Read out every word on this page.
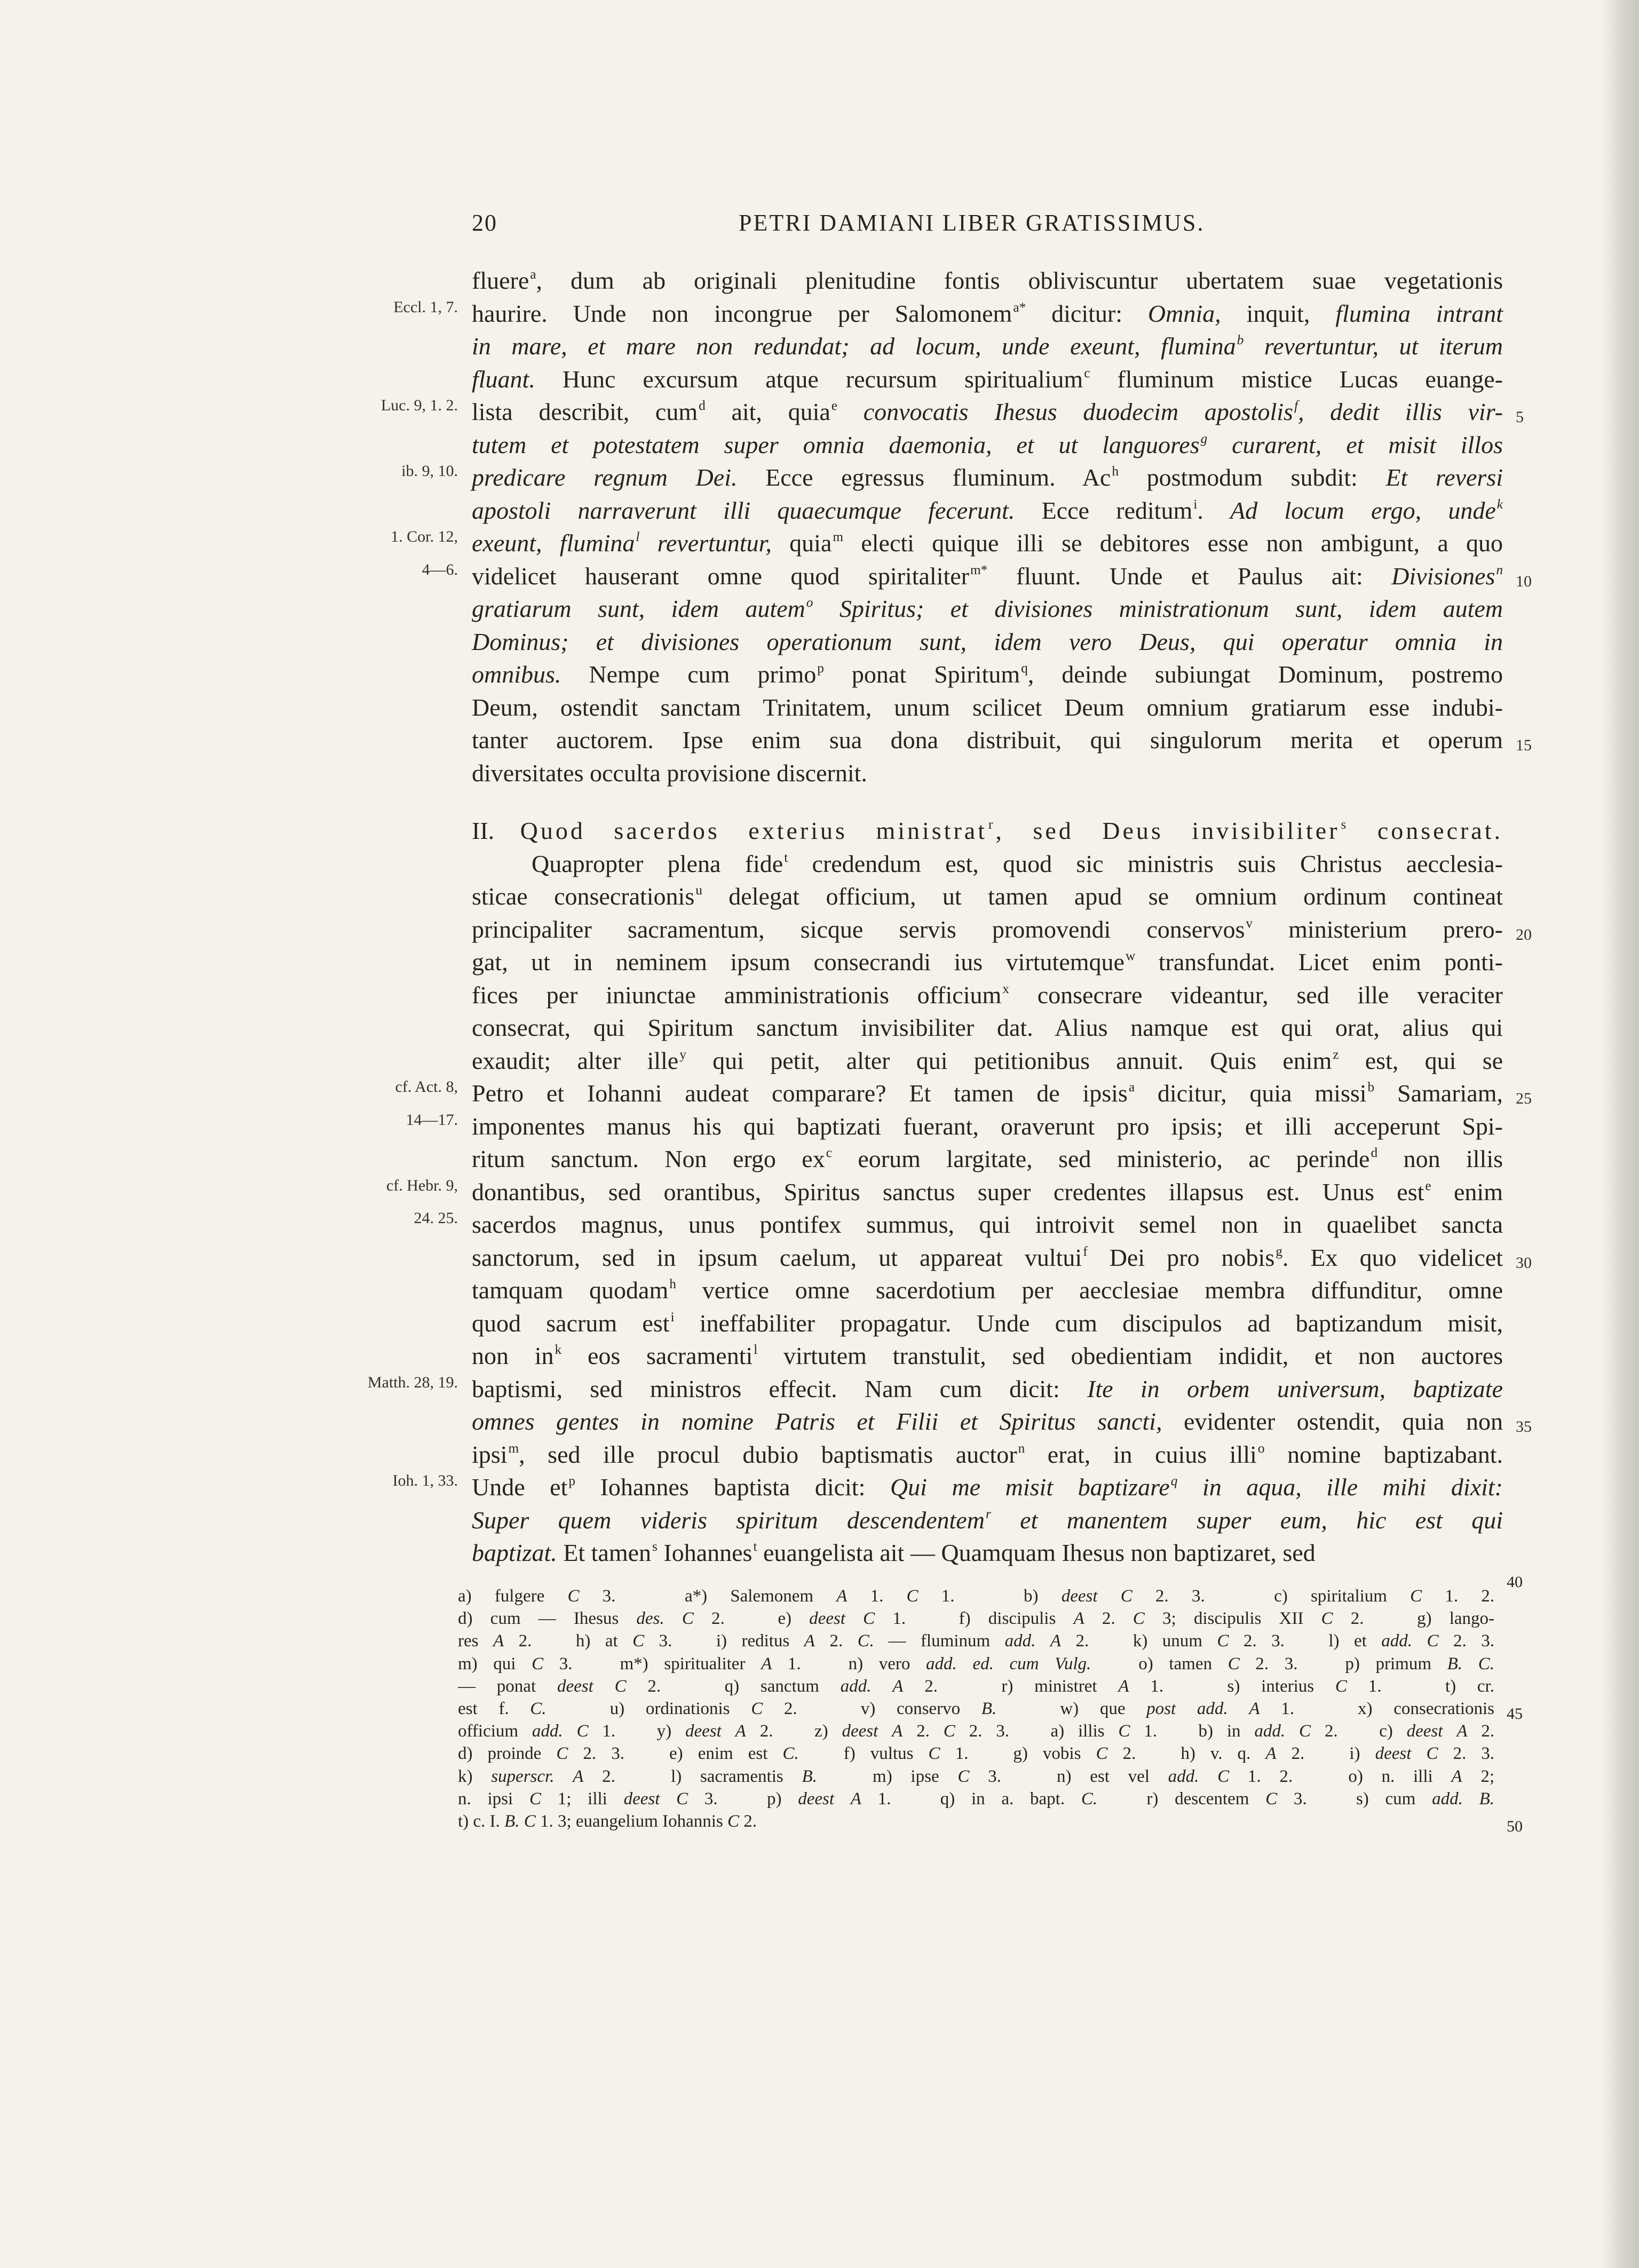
20	PETRI DAMIANI LIBER GRATISSIMUS.
fluere$^a$, dum ab originali plenitudine fontis obliviscuntur ubertatem suae vegetationis
haurire. Unde non incongrue per Salomonem$^{a*}$ dicitur: Omnia, inquit, flumina intrant
Eccl. 1, 7.
in mare, et mare non redundat; ad locum, unde exeunt, flumina$^b$ revertuntur, ut iterum
fluant. Hunc excursum atque recursum spiritualium$^c$ fluminum mistice Lucas euange-
lista describit, cum$^d$ ait, quia$^e$ convocatis Ihesus duodecim apostolis$^f$, dedit illis vir-
Luc. 9, 1. 2.
5
tutem et potestatem super omnia daemonia, et ut languores$^g$ curarent, et misit illos
predicare regnum Dei. Ecce egressus fluminum. Ac$^h$ postmodum subdit: Et reversi
ib. 9, 10.
apostoli narraverunt illi quaecumque fecerunt. Ecce reditum$^i$. Ad locum ergo, unde$^k$
exeunt, flumina$^l$ revertuntur, quia$^m$ electi quique illi se debitores esse non ambigunt, a quo
1. Cor. 12,
videlicet hauserant omne quod spiritaliter$^{m*}$ fluunt. Unde et Paulus ait: Divisiones$^n$
4—6.
10
gratiarum sunt, idem autem$^o$ Spiritus; et divisiones ministrationum sunt, idem autem
Dominus; et divisiones operationum sunt, idem vero Deus, qui operatur omnia in
omnibus. Nempe cum primo$^p$ ponat Spiritum$^q$, deinde subiungat Dominum, postremo
Deum, ostendit sanctam Trinitatem, unum scilicet Deum omnium gratiarum esse indubi-
tanter auctorem. Ipse enim sua dona distribuit, qui singulorum merita et operum 15
diversitates occulta provisione discernit.
II. Quod sacerdos exterius ministrat$^r$, sed Deus invisibiliter$^s$ consecrat.
Quapropter plena fide$^t$ credendum est, quod sic ministris suis Christus aecclesia-
sticae consecrationis$^u$ delegat officium, ut tamen apud se omnium ordinum contineat
principaliter sacramentum, sicque servis promovendi conservos$^v$ ministerium prero- 20
gat, ut in neminem ipsum consecrandi ius virtutemque$^w$ transfundat. Licet enim ponti-
fices per iniunctae amministrationis officium$^x$ consecrare videantur, sed ille veraciter
consecrat, qui Spiritum sanctum invisibiliter dat. Alius namque est qui orat, alius qui
exaudit; alter ille$^y$ qui petit, alter qui petitionibus annuit. Quis enim$^z$ est, qui se
Petro et Iohanni audeat comparare? Et tamen de ipsis$^a$ dicitur, quia missi$^b$ Samariam,
cf. Act. 8,
25
imponentes manus his qui baptizati fuerant, oraverunt pro ipsis; et illi acceperunt Spi-
14—17.
ritum sanctum. Non ergo $ex^c$ eorum largitate, sed ministerio, ac perinde$^d$ non illis
donantibus, sed orantibus, Spiritus sanctus super credentes illapsus est. Unus est$^e$ enim
cf. Hebr. 9,
sacerdos magnus, unus pontifex summus, qui introivit semel non in quaelibet sancta
24. 25.
sanctorum, sed in ipsum caelum, ut appareat vultui$^f$ Dei pro nobis$^g$. Ex quo videlicet 30
tamquam quodam$^h$ vertice omne sacerdotium per aecclesiae membra diffunditur, omne
quod sacrum est$^i$ ineffabiliter propagatur. Unde cum discipulos ad baptizandum misit,
non $in^k$ eos sacramenti$^l$ virtutem transtulit, sed obedientiam indidit, et non auctores
baptismi, sed ministros effecit. Nam cum dicit: Ite in orbem universum, baptizate
Matth. 28, 19.
omnes gentes in nomine Patris et Filii et Spiritus sancti, evidenter ostendit, quia non 35
ipsi$^m$, sed ille procul dubio baptismatis auctor$^n$ erat, in cuius illi$^o$ nomine baptizabant.
Unde $et^p$ Iohannes baptista dicit: Qui me misit baptizare$^q$ in aqua, ille mihi dixit:
Ioh. 1, 33.
Super quem videris spiritum descendentem$^r$ et manentem super eum, hic est qui
baptizat. Et tamen$^s$ Iohannes$^t$ euangelista ait — Quamquam Ihesus non baptizaret, sed
a) fulgere C 3.   a*) Salemonem A 1. C 1.   b) deest C 2. 3.   c) spiritalium C 1. 2.
40
d) cum — Ihesus des. C 2.   e) deest C 1.   f) discipulis A 2. C 3; discipulis XII C 2.   g) lango-
res A 2.   h) at C 3.   i) reditus A 2. C. — fluminum add. A 2.   k) unum C 2. 3.   l) et add. C 2. 3.
m) qui C 3.   m*) spiritualiter A 1.   n) vero add. ed. cum Vulg.   o) tamen C 2. 3.   p) primum B. C.
— ponat deest C 2.   q) sanctum add. A 2.   r) ministret A 1.   s) interius C 1.   t) cr.
est f. C.   u) ordinationis C 2.   v) conservo B.   w) que post add. A 1.   x) consecrationis 45
officium add. C 1.   y) deest A 2.   z) deest A 2. C 2. 3.   a) illis C 1.   b) in add. C 2.   c) deest A 2.
d) proinde C 2. 3.   e) enim est C.   f) vultus C 1.   g) vobis C 2.   h) v. q. A 2.   i) deest C 2. 3.
k) superscr. A 2.   l) sacramentis B.   m) ipse C 3.   n) est vel add. C 1. 2.   o) n. illi A 2;
n. ipsi C 1; illi deest C 3.   p) deest A 1.   q) in a. bapt. C.   r) descentem C 3.   s) cum add. B.
t) c. I. B. C 1. 3; euangelium Iohannis C 2.	50
